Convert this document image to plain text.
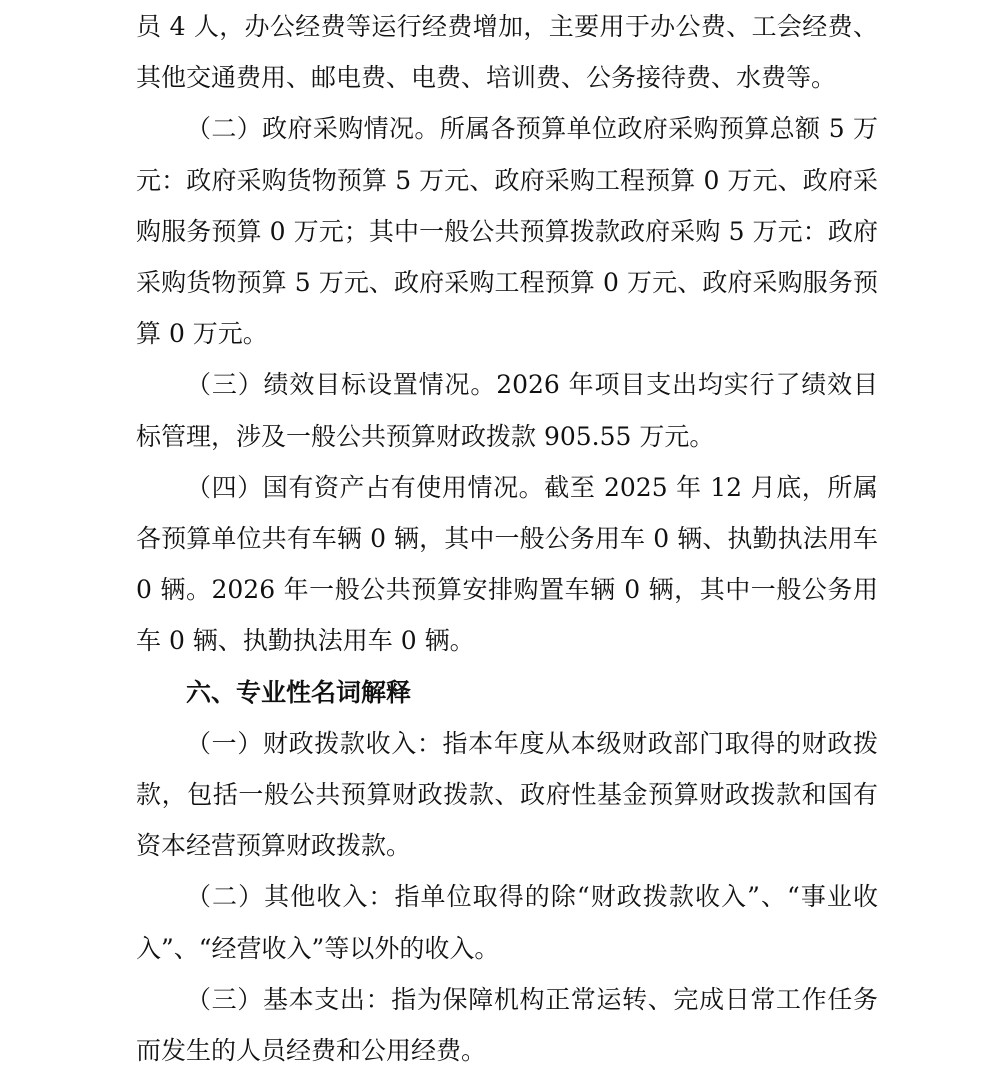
员 4 人，办公经费等运行经费增加，主要用于办公费、工会经费、其他交通费用、邮电费、电费、培训费、公务接待费、水费等。

（二）政府采购情况。所属各预算单位政府采购预算总额 5 万元：政府采购货物预算 5 万元、政府采购工程预算 0 万元、政府采购服务预算 0 万元；其中一般公共预算拨款政府采购 5 万元：政府采购货物预算 5 万元、政府采购工程预算 0 万元、政府采购服务预算 0 万元。

（三）绩效目标设置情况。2026 年项目支出均实行了绩效目标管理，涉及一般公共预算财政拨款 905.55 万元。

（四）国有资产占有使用情况。截至 2025 年 12 月底，所属各预算单位共有车辆 0 辆，其中一般公务用车 0 辆、执勤执法用车 0 辆。2026 年一般公共预算安排购置车辆 0 辆，其中一般公务用车 0 辆、执勤执法用车 0 辆。

六、专业性名词解释

（一）财政拨款收入：指本年度从本级财政部门取得的财政拨款，包括一般公共预算财政拨款、政府性基金预算财政拨款和国有资本经营预算财政拨款。

（二）其他收入：指单位取得的除“财政拨款收入”、“事业收入”、“经营收入”等以外的收入。

（三）基本支出：指为保障机构正常运转、完成日常工作任务而发生的人员经费和公用经费。
